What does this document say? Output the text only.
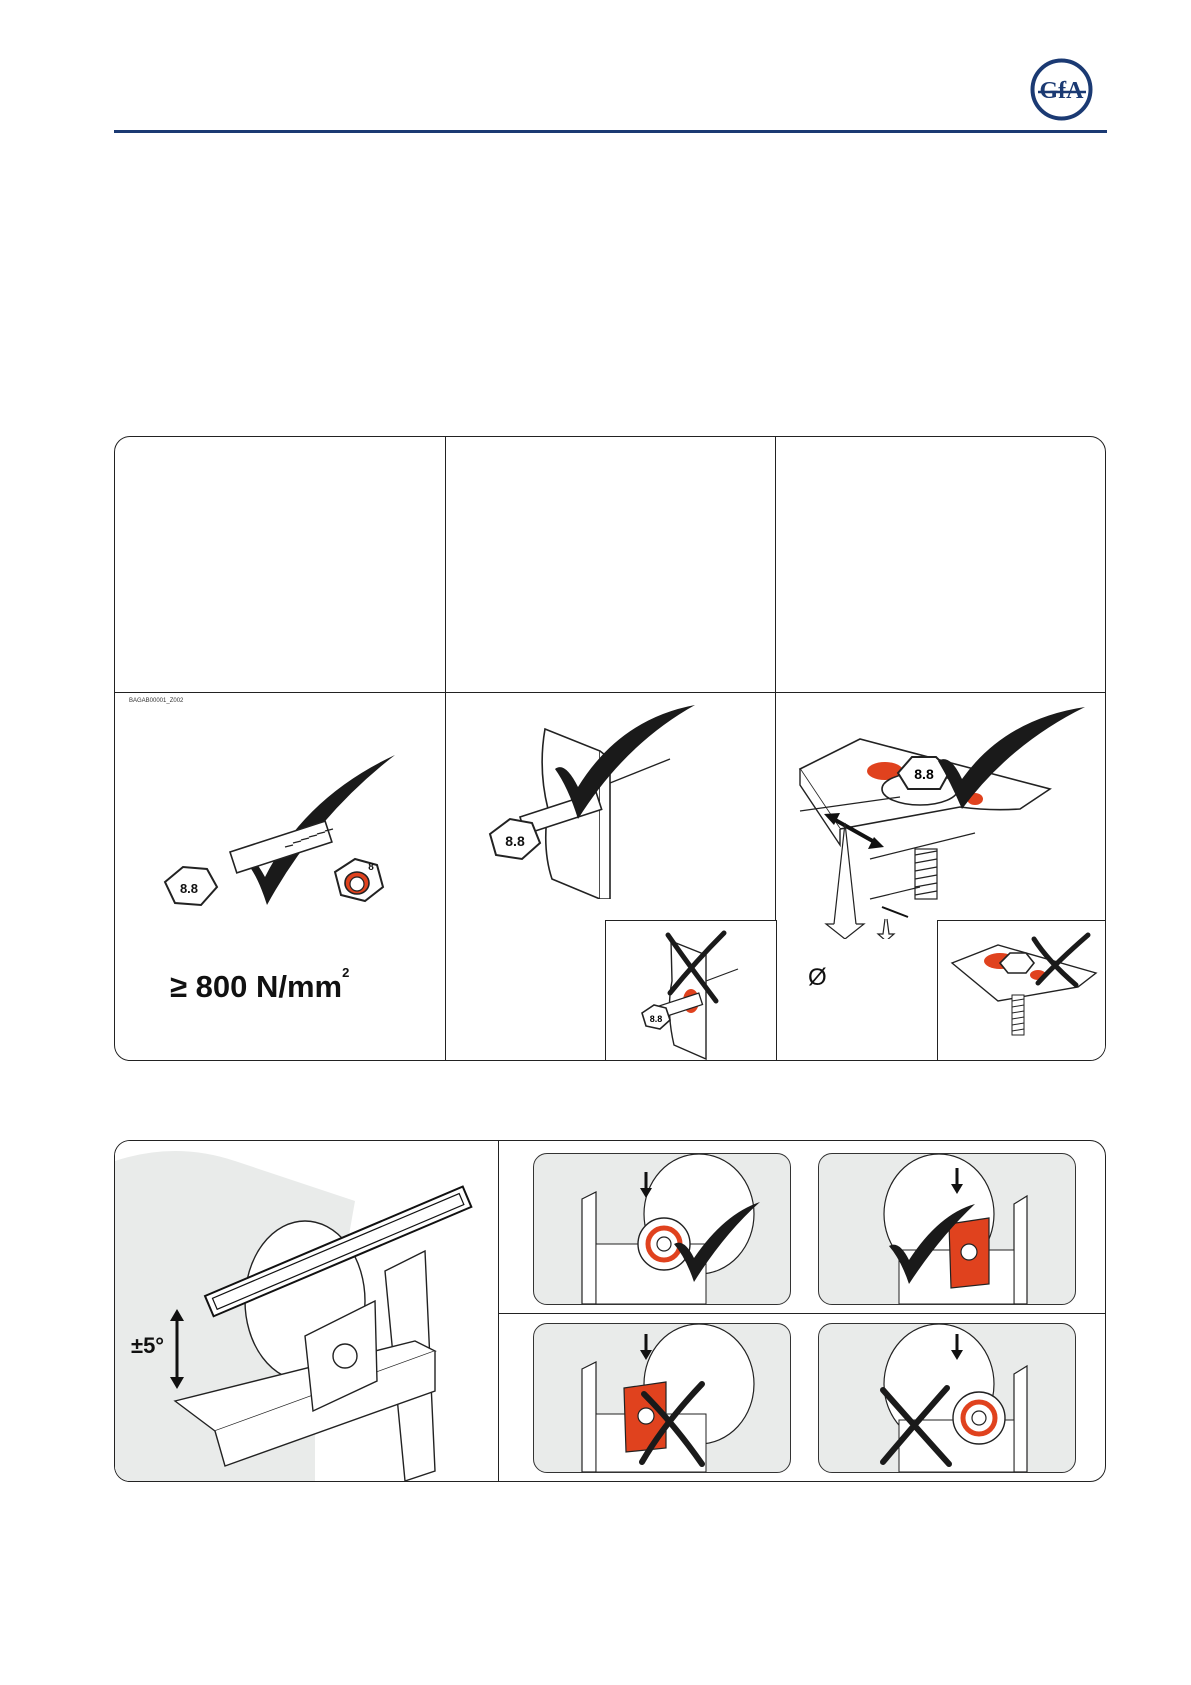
GfA
BAGAB00001_Z002
8.8
8
≥ 800 $N/mm^2$
8.8
8.8
8.8
Ø
±5°
